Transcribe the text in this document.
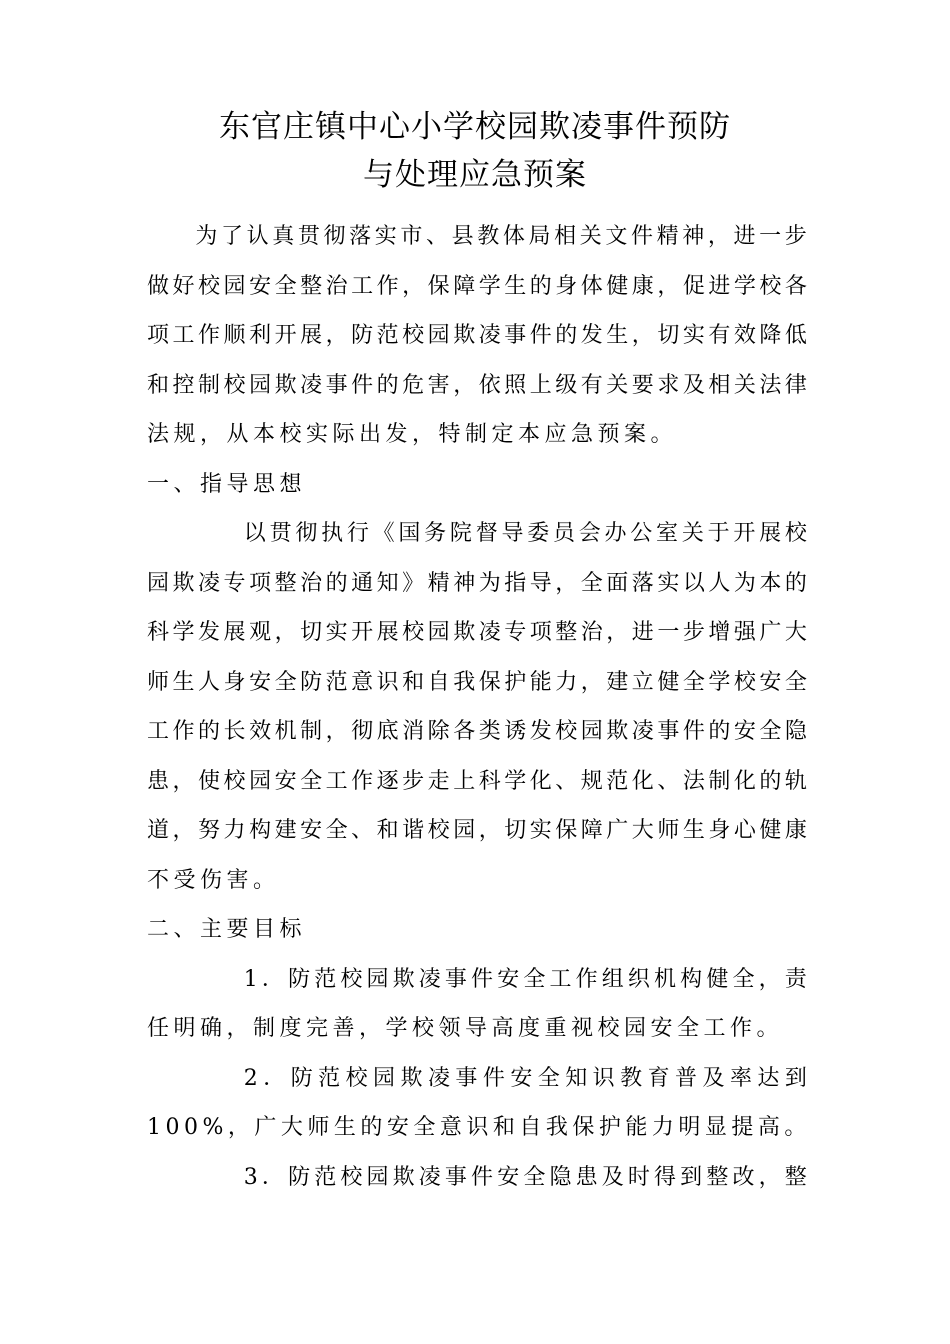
东官庄镇中心小学校园欺凌事件预防
与处理应急预案
为 了 认 真 贯 彻 落 实 市 、 县 教 体 局 相 关 文 件 精 神 ， 进 一 步
做 好 校 园 安 全 整 治 工 作 ， 保 障 学 生 的 身 体 健 康 ， 促 进 学 校 各
项 工 作 顺 利 开 展 ， 防 范 校 园 欺 凌 事 件 的 发 生 ， 切 实 有 效 降 低
和 控 制 校 园 欺 凌 事 件 的 危 害 ， 依 照 上 级 有 关 要 求 及 相 关 法 律
法规，从本校实际出发，特制定本应急预案。
一、指导思想
以 贯 彻 执 行 《 国 务 院 督 导 委 员 会 办 公 室 关 于 开 展 校
园 欺 凌 专 项 整 治 的 通 知 》 精 神 为 指 导 ， 全 面 落 实 以 人 为 本 的
科 学 发 展 观 ， 切 实 开 展 校 园 欺 凌 专 项 整 治 ， 进 一 步 增 强 广 大
师 生 人 身 安 全 防 范 意 识 和 自 我 保 护 能 力 ， 建 立 健 全 学 校 安 全
工 作 的 长 效 机 制 ， 彻 底 消 除 各 类 诱 发 校 园 欺 凌 事 件 的 安 全 隐
患 ， 使 校 园 安 全 工 作 逐 步 走 上 科 学 化 、 规 范 化 、 法 制 化 的 轨
道 ， 努 力 构 建 安 全 、 和 谐 校 园 ， 切 实 保 障 广 大 师 生 身 心 健 康
不受伤害。
二、主要目标
1 ． 防 范 校 园 欺 凌 事 件 安 全 工 作 组 织 机 构 健 全 ， 责
任明确，制度完善，学校领导高度重视校园安全工作。
2 ． 防 范 校 园 欺 凌 事 件 安 全 知 识 教 育 普 及 率 达 到
100%，广大师生的安全意识和自我保护能力明显提高。
3 ． 防 范 校 园 欺 凌 事 件 安 全 隐 患 及 时 得 到 整 改 ， 整
